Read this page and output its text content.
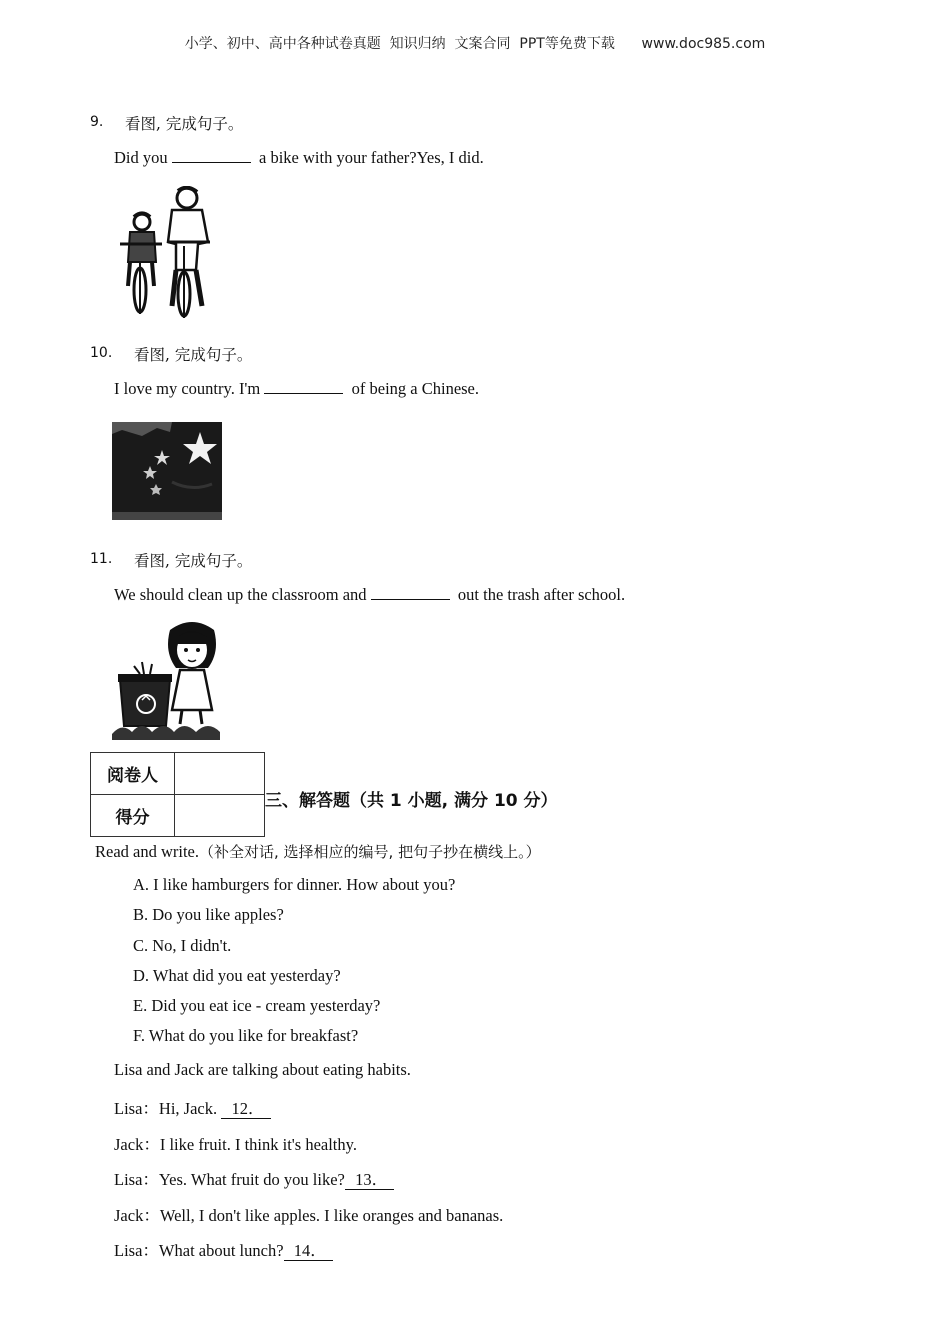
小学、初中、高中各种试卷真题  知识归纳  文案合同  PPT等免费下载      www.doc985.com
9. 看图, 完成句子。
Did you	a bike with your father?Yes, I did.
10. 看图, 完成句子。
I love my country. I'm	of being a Chinese.
11. 看图, 完成句子。
We should clean up the classroom and	out the trash after school.
阅卷人	
得分	
三、解答题（共 1 小题, 满分 10 分）
Read and write.（补全对话, 选择相应的编号, 把句子抄在横线上。）
A. I like hamburgers for dinner. How about you?
B. Do you like apples?
C. No, I didn't.
D. What did you eat yesterday?
E. Did you eat ice - cream yesterday?
F. What do you like for breakfast?
Lisa and Jack are talking about eating habits.
Lisa：Hi, Jack.   12．
Jack：I like fruit. I think it's healthy.
Lisa：Yes. What fruit do you like? 13．
Jack：Well, I don't like apples. I like oranges and bananas.
Lisa：What about lunch? 14．
